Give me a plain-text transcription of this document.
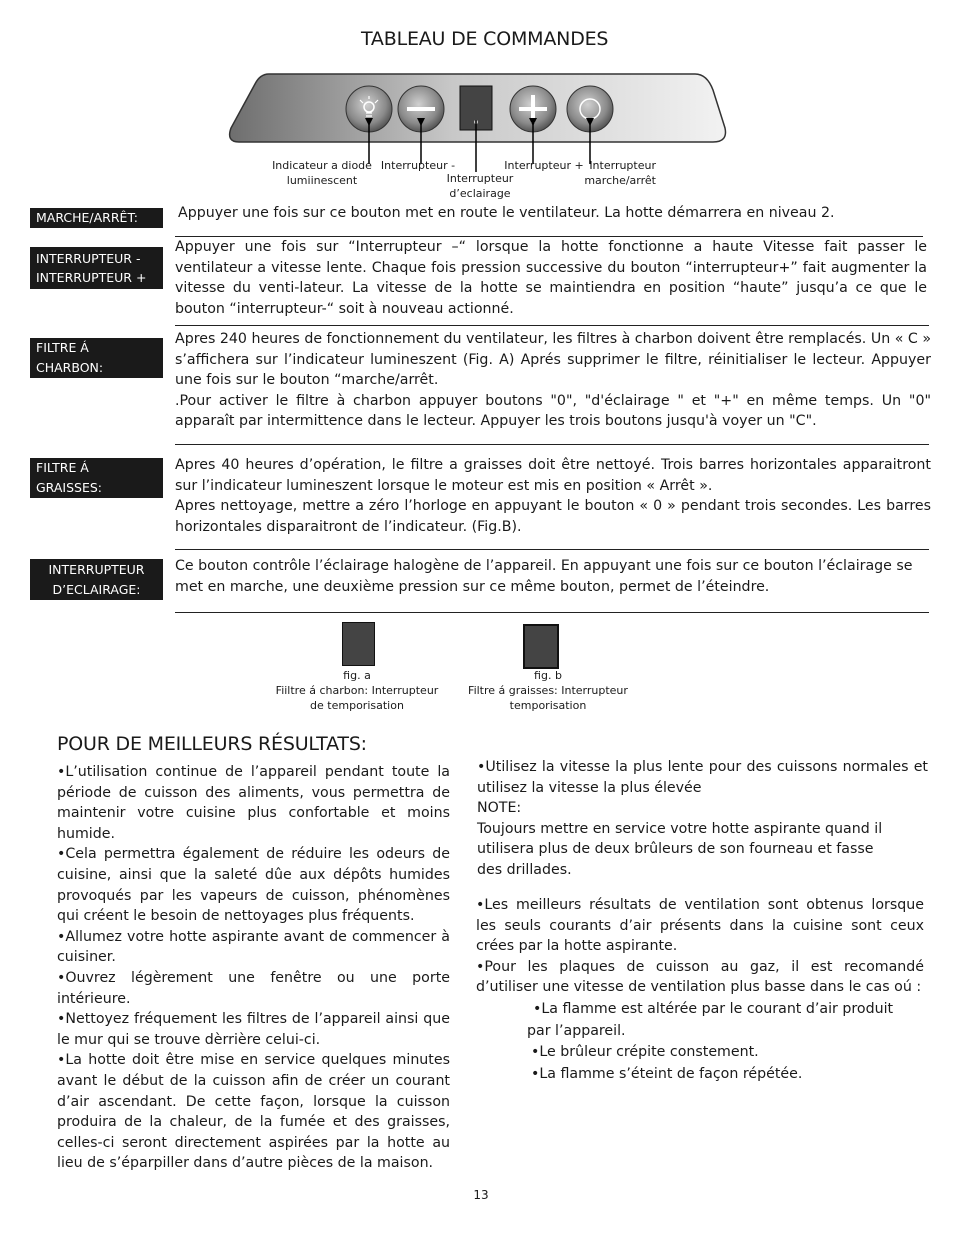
TABLEAU DE COMMANDES
Indicateur a diode
lumiinescent
Interrupteur -
Interrupteur
d’eclairage
Interrupteur + Interrupteur
marche/arrêt
MARCHE/ARRÊT:	Appuyer une fois sur ce bouton met en route le ventilateur. La hotte démarrera en niveau 2.
INTERRUPTEUR -
INTERRUPTEUR +
Appuyer une fois sur “Interrupteur –“ lorsque la hotte fonctionne a haute Vitesse fait passer le ventilateur a vitesse lente. Chaque fois pression successive du bouton “interrupteur+” fait augmenter la vitesse du venti-lateur. La vitesse de la hotte se maintiendra en position “haute” jusqu’a ce que le bouton “interrupteur-“ soit à nouveau actionné.
FILTRE Á CHARBON:
Apres 240 heures de fonctionnement du ventilateur, les filtres à charbon doivent être remplacés. Un « C » s’affichera sur l’indicateur lumineszent (Fig. A) Aprés supprimer le filtre, réinitialiser le lecteur. Appuyer une fois sur le bouton “marche/arrêt.
.Pour activer le filtre à charbon appuyer boutons "0", "d'éclairage " et "+" en même temps. Un "0" apparaît par intermittence dans le lecteur. Appuyer les trois boutons jusqu'à voyer un "C".
FILTRE Á GRAISSES:
Apres 40 heures d’opération, le filtre a graisses doit être nettoyé. Trois barres horizontales apparaitront sur l’indicateur lumineszent lorsque le moteur est mis en position « Arrêt ».
Apres nettoyage, mettre a zéro l’horloge en appuyant le bouton « 0 » pendant trois secondes. Les barres horizontales disparaitront de l’indicateur. (Fig.B).
INTERRUPTEUR
D’ECLAIRAGE:
Ce bouton contrôle l’éclairage halogène de l’appareil. En appuyant une fois sur ce bouton l’éclairage se met en marche, une deuxième pression sur ce même bouton, permet de l’éteindre.
fig. a
Fiiltre á charbon: Interrupteur
de temporisation
fig. b
Filtre á graisses: Interrupteur
temporisation
POUR DE MEILLEURS RÉSULTATS:

•L’utilisation continue de l’appareil pendant toute la période de cuisson des aliments, vous permettra de maintenir votre cuisine plus confortable et moins humide.

•Cela permettra également de réduire les odeurs de cuisine, ainsi que la saleté dûe aux dépôts humides provoqués par les vapeurs de cuisson, phénomènes qui créent le besoin de nettoyages plus fréquents.

•Allumez votre hotte aspirante avant de commencer à cuisiner.

•Ouvrez légèrement une fenêtre ou une porte intérieure.

•Nettoyez fréquement les filtres de l’appareil ainsi que le mur qui se trouve dèrrière celui-ci.

•La hotte doit être mise en service quelques minutes avant le début de la cuisson afin de créer un courant d’air ascendant. De cette façon, lorsque la cuisson produira de la chaleur, de la fumée et des graisses, celles-ci seront directement aspirées par la hotte au lieu de s’éparpiller dans d’autre pièces de la maison.

•Utilisez la vitesse la plus lente pour des cuissons normales et utilisez la vitesse la plus élevée

NOTE:

Toujours mettre en service votre hotte aspirante quand il utilisera plus de deux brûleurs de son fourneau et fasse des drillades.

•Les meilleurs résultats de ventilation sont obtenus lorsque les seuls courants d’air présents dans la cuisine sont ceux crées par la hotte aspirante.

•Pour les plaques de cuisson au gaz, il est recomandé d’utiliser une vitesse de ventilation plus basse dans le cas oú :

•La flamme est altérée par le courant d’air produit

par l’appareil.

•Le brûleur crépite constement.

•La flamme s’éteint de façon répétée.

13
